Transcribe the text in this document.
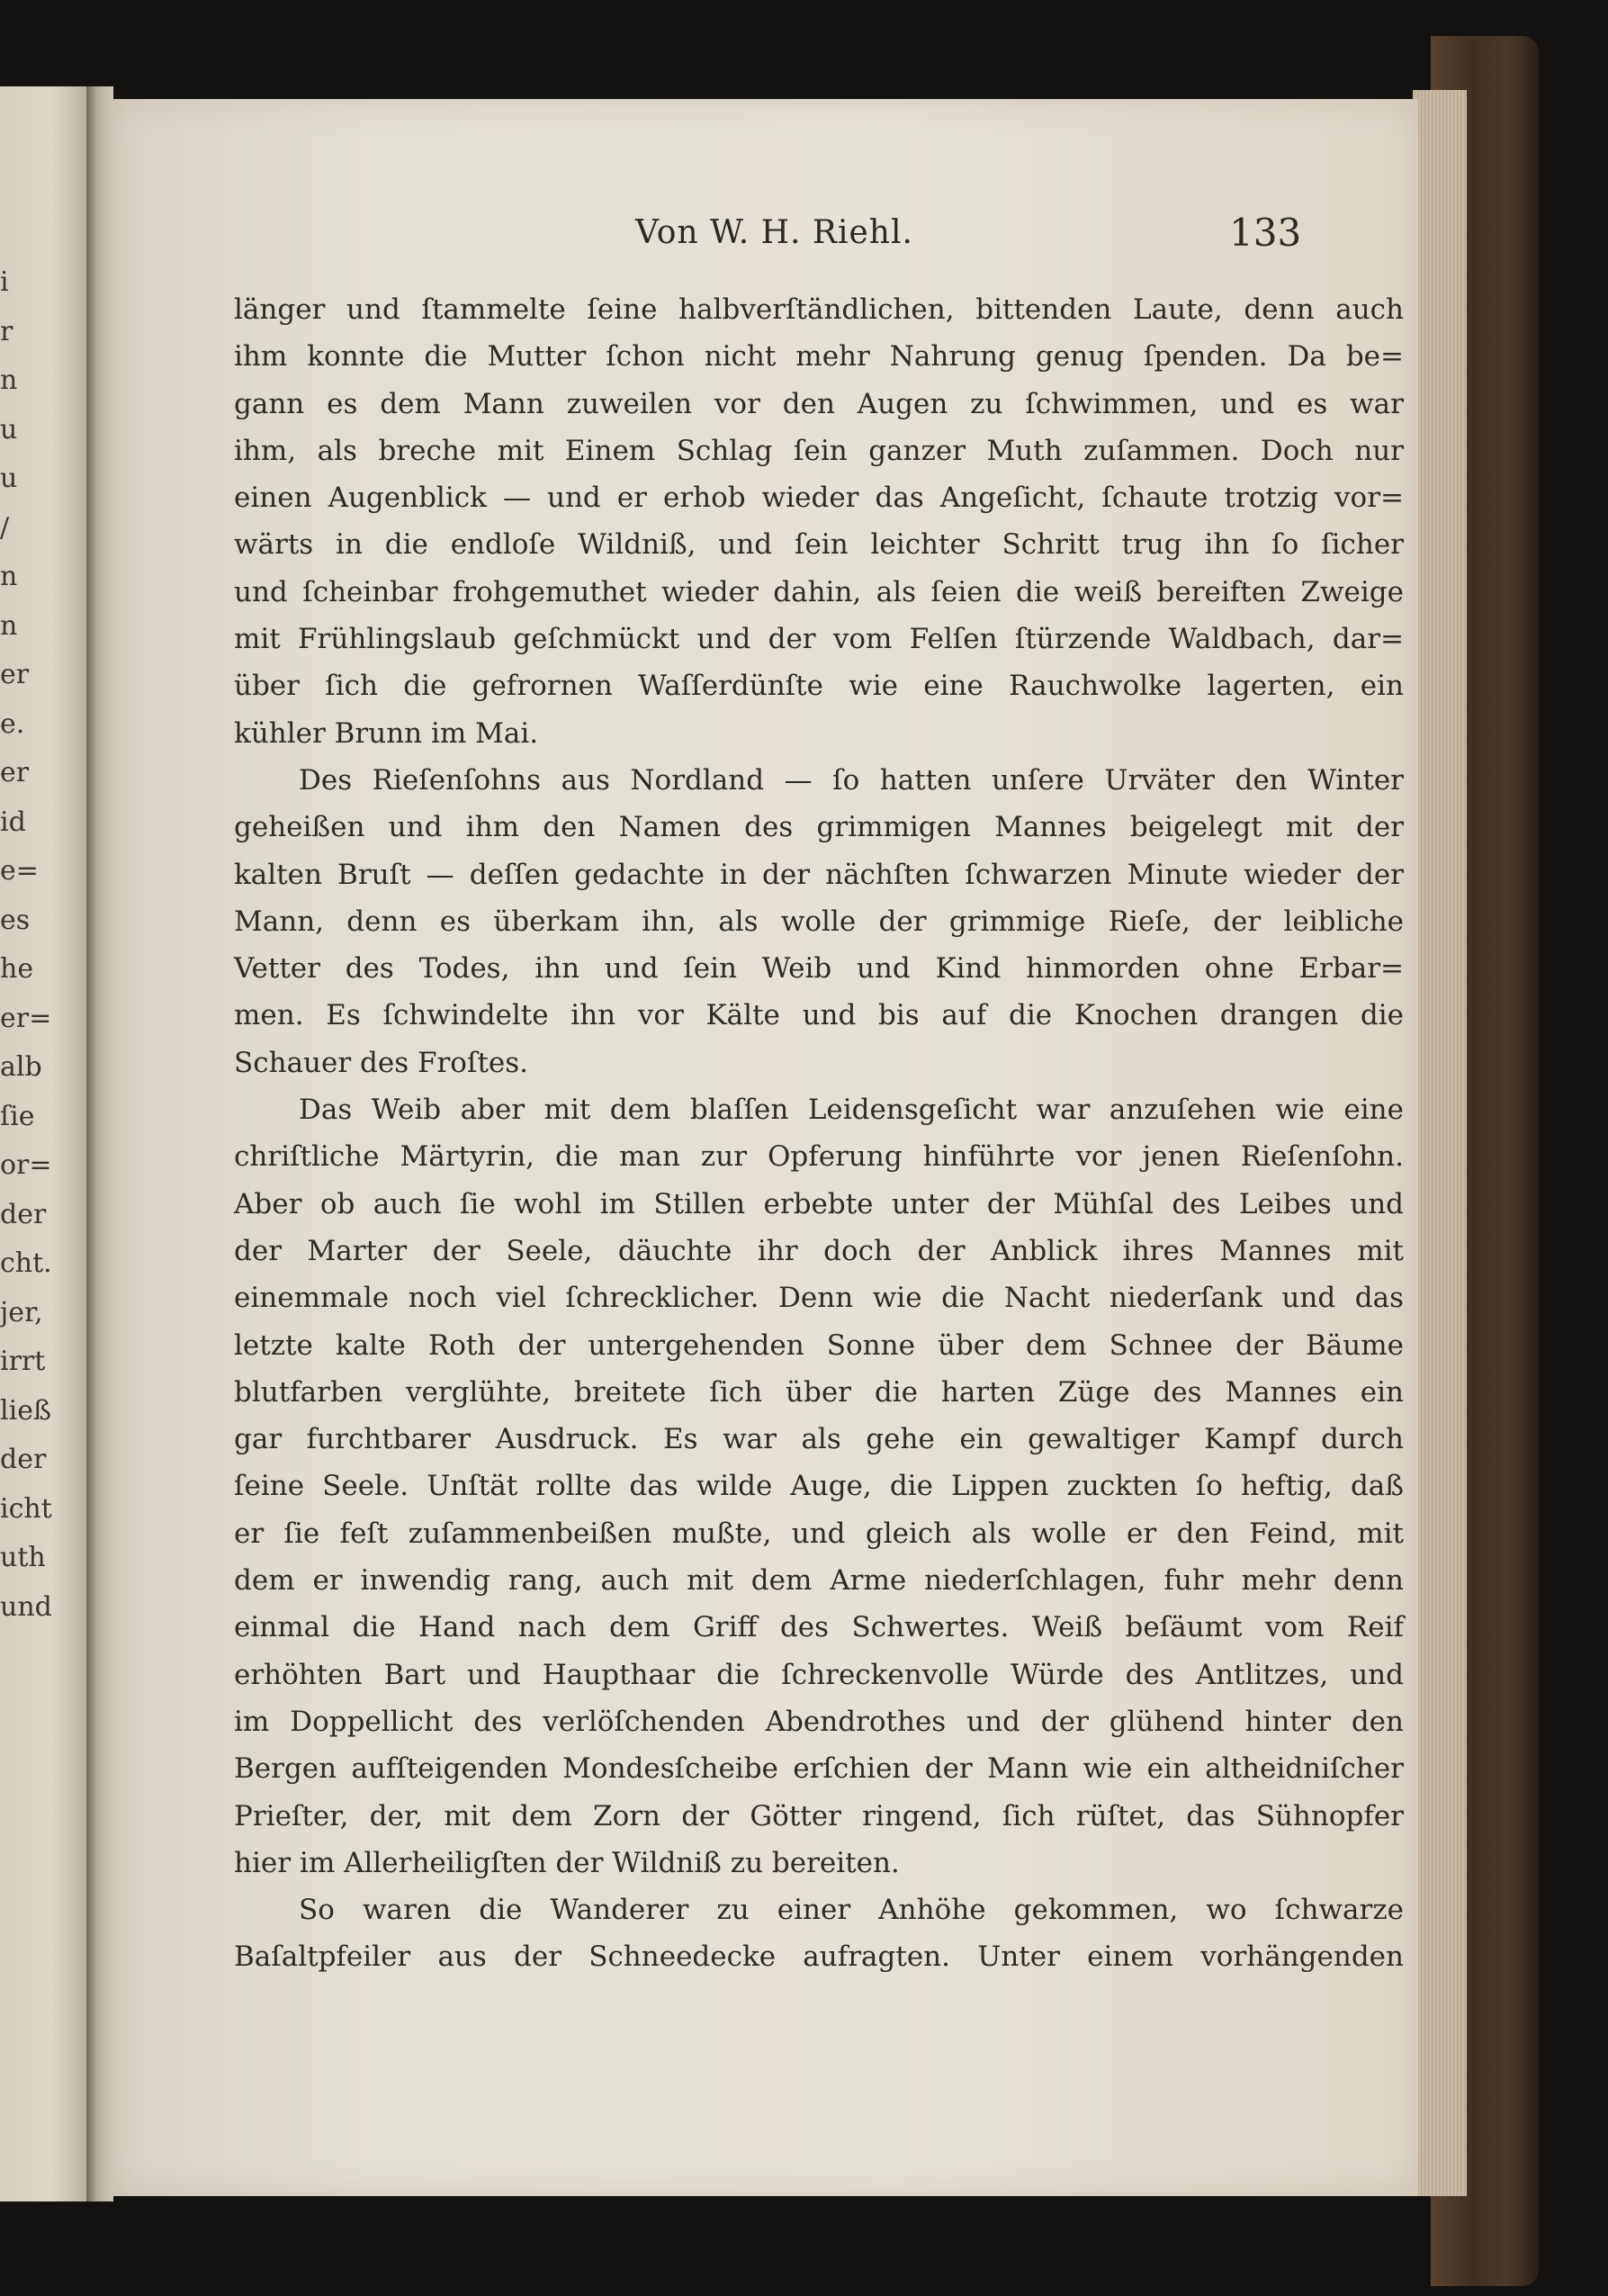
i
r
n
u
u
/
n
n
er
e.
er
id
e=
es
he
er=
alb
ſie
or=
der
cht.
jer,
irrt
ließ
der
icht
uth
und
Von W. H. Riehl.	133
länger und ſtammelte ſeine halbverſtändlichen, bittenden Laute, denn auch
ihm konnte die Mutter ſchon nicht mehr Nahrung genug ſpenden. Da be=
gann es dem Mann zuweilen vor den Augen zu ſchwimmen, und es war
ihm, als breche mit Einem Schlag ſein ganzer Muth zuſammen. Doch nur
einen Augenblick — und er erhob wieder das Angeſicht, ſchaute trotzig vor=
wärts in die endloſe Wildniß, und ſein leichter Schritt trug ihn ſo ſicher
und ſcheinbar frohgemuthet wieder dahin, als ſeien die weiß bereiften Zweige
mit Frühlingslaub geſchmückt und der vom Felſen ſtürzende Waldbach, dar=
über ſich die gefrornen Waſſerdünſte wie eine Rauchwolke lagerten, ein
kühler Brunn im Mai.
Des Rieſenſohns aus Nordland — ſo hatten unſere Urväter den Winter
geheißen und ihm den Namen des grimmigen Mannes beigelegt mit der
kalten Bruſt — deſſen gedachte in der nächſten ſchwarzen Minute wieder der
Mann, denn es überkam ihn, als wolle der grimmige Rieſe, der leibliche
Vetter des Todes, ihn und ſein Weib und Kind hinmorden ohne Erbar=
men. Es ſchwindelte ihn vor Kälte und bis auf die Knochen drangen die
Schauer des Froſtes.
Das Weib aber mit dem blaſſen Leidensgeſicht war anzuſehen wie eine
chriſtliche Märtyrin, die man zur Opferung hinführte vor jenen Rieſenſohn.
Aber ob auch ſie wohl im Stillen erbebte unter der Mühſal des Leibes und
der Marter der Seele, däuchte ihr doch der Anblick ihres Mannes mit
einemmale noch viel ſchrecklicher. Denn wie die Nacht niederſank und das
letzte kalte Roth der untergehenden Sonne über dem Schnee der Bäume
blutfarben verglühte, breitete ſich über die harten Züge des Mannes ein
gar furchtbarer Ausdruck. Es war als gehe ein gewaltiger Kampf durch
ſeine Seele. Unſtät rollte das wilde Auge, die Lippen zuckten ſo heftig, daß
er ſie feſt zuſammenbeißen mußte, und gleich als wolle er den Feind, mit
dem er inwendig rang, auch mit dem Arme niederſchlagen, fuhr mehr denn
einmal die Hand nach dem Griff des Schwertes. Weiß beſäumt vom Reif
erhöhten Bart und Haupthaar die ſchreckenvolle Würde des Antlitzes, und
im Doppellicht des verlöſchenden Abendrothes und der glühend hinter den
Bergen aufſteigenden Mondesſcheibe erſchien der Mann wie ein altheidniſcher
Prieſter, der, mit dem Zorn der Götter ringend, ſich rüſtet, das Sühnopfer
hier im Allerheiligſten der Wildniß zu bereiten.
So waren die Wanderer zu einer Anhöhe gekommen, wo ſchwarze
Baſaltpfeiler aus der Schneedecke aufragten. Unter einem vorhängenden
